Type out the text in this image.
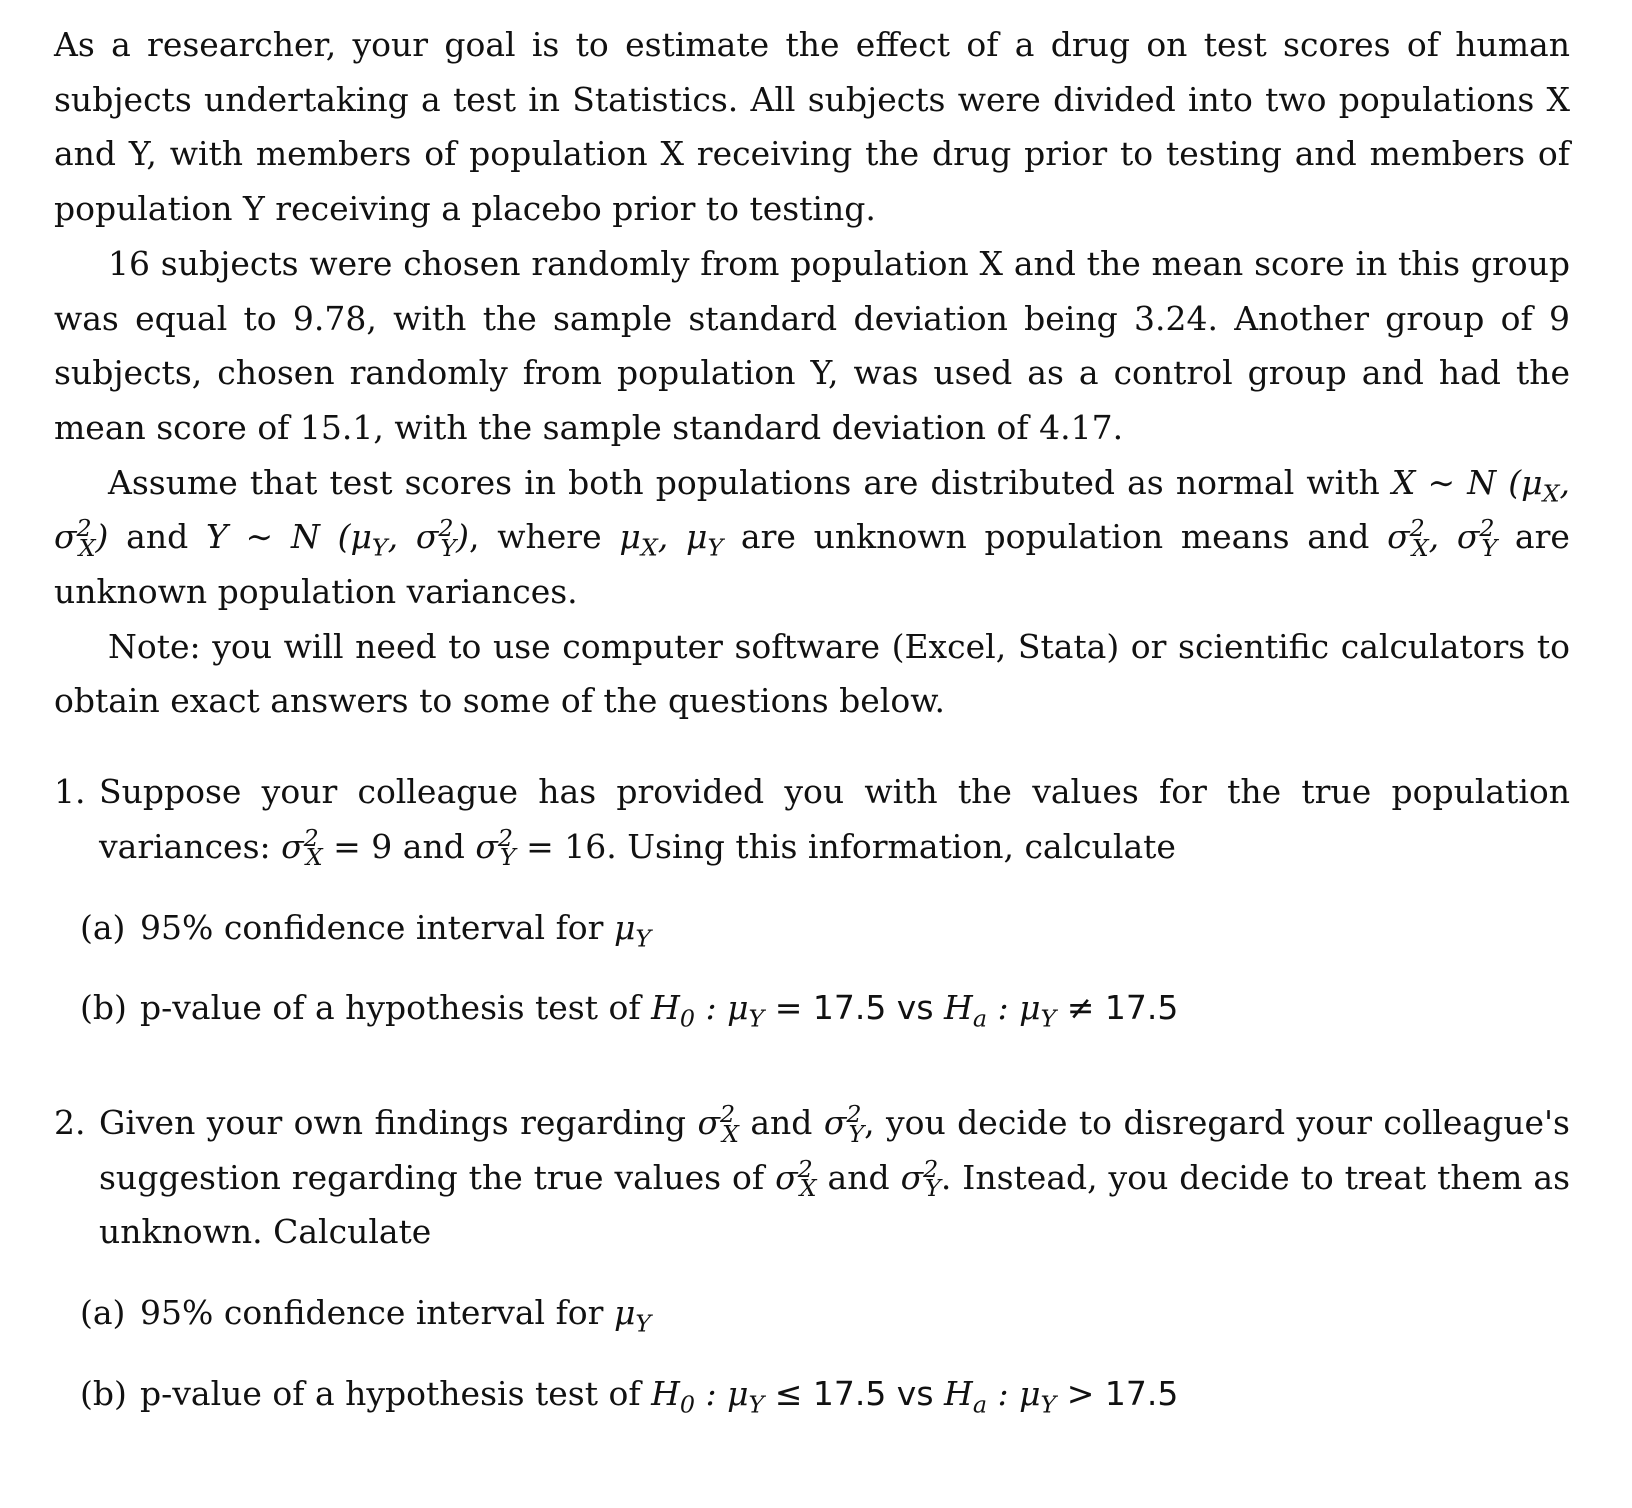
As a researcher, your goal is to estimate the effect of a drug on test scores of human subjects undertaking a test in Statistics. All subjects were divided into two populations X and Y, with members of population X receiving the drug prior to testing and members of population Y receiving a placebo prior to testing.

16 subjects were chosen randomly from population X and the mean score in this group was equal to 9.78, with the sample standard deviation being 3.24. Another group of 9 subjects, chosen randomly from population Y, was used as a control group and had the mean score of 15.1, with the sample standard deviation of 4.17.

Assume that test scores in both populations are distributed as normal with X ∼ N ($\mu_X$, $\sigma^2_X$) and Y ∼ N ($\mu_Y$, $\sigma^2_Y$), where $\mu_X$, $\mu_Y$ are unknown population means and $\sigma^2_X$, $\sigma^2_Y$ are unknown population variances.

Note: you will need to use computer software (Excel, Stata) or scientific calculators to obtain exact answers to some of the questions below.

1. Suppose your colleague has provided you with the values for the true population variances: $\sigma^2_X = 9$ and $\sigma^2_Y = 16$. Using this information, calculate
(a) 95% confidence interval for $\mu_Y$
(b) p-value of a hypothesis test of $H_0$ : $\mu_Y = 17.5$ vs $H_a$ : $\mu_Y \ne 17.5$
2. Given your own findings regarding $\sigma^2_X$ and $\sigma^2_Y$, you decide to disregard your colleague's suggestion regarding the true values of $\sigma^2_X$ and $\sigma^2_Y$. Instead, you decide to treat them as unknown. Calculate
(a) 95% confidence interval for $\mu_Y$
(b) p-value of a hypothesis test of $H_0$ : $\mu_Y \le 17.5$ vs $H_a$ : $\mu_Y > 17.5$
